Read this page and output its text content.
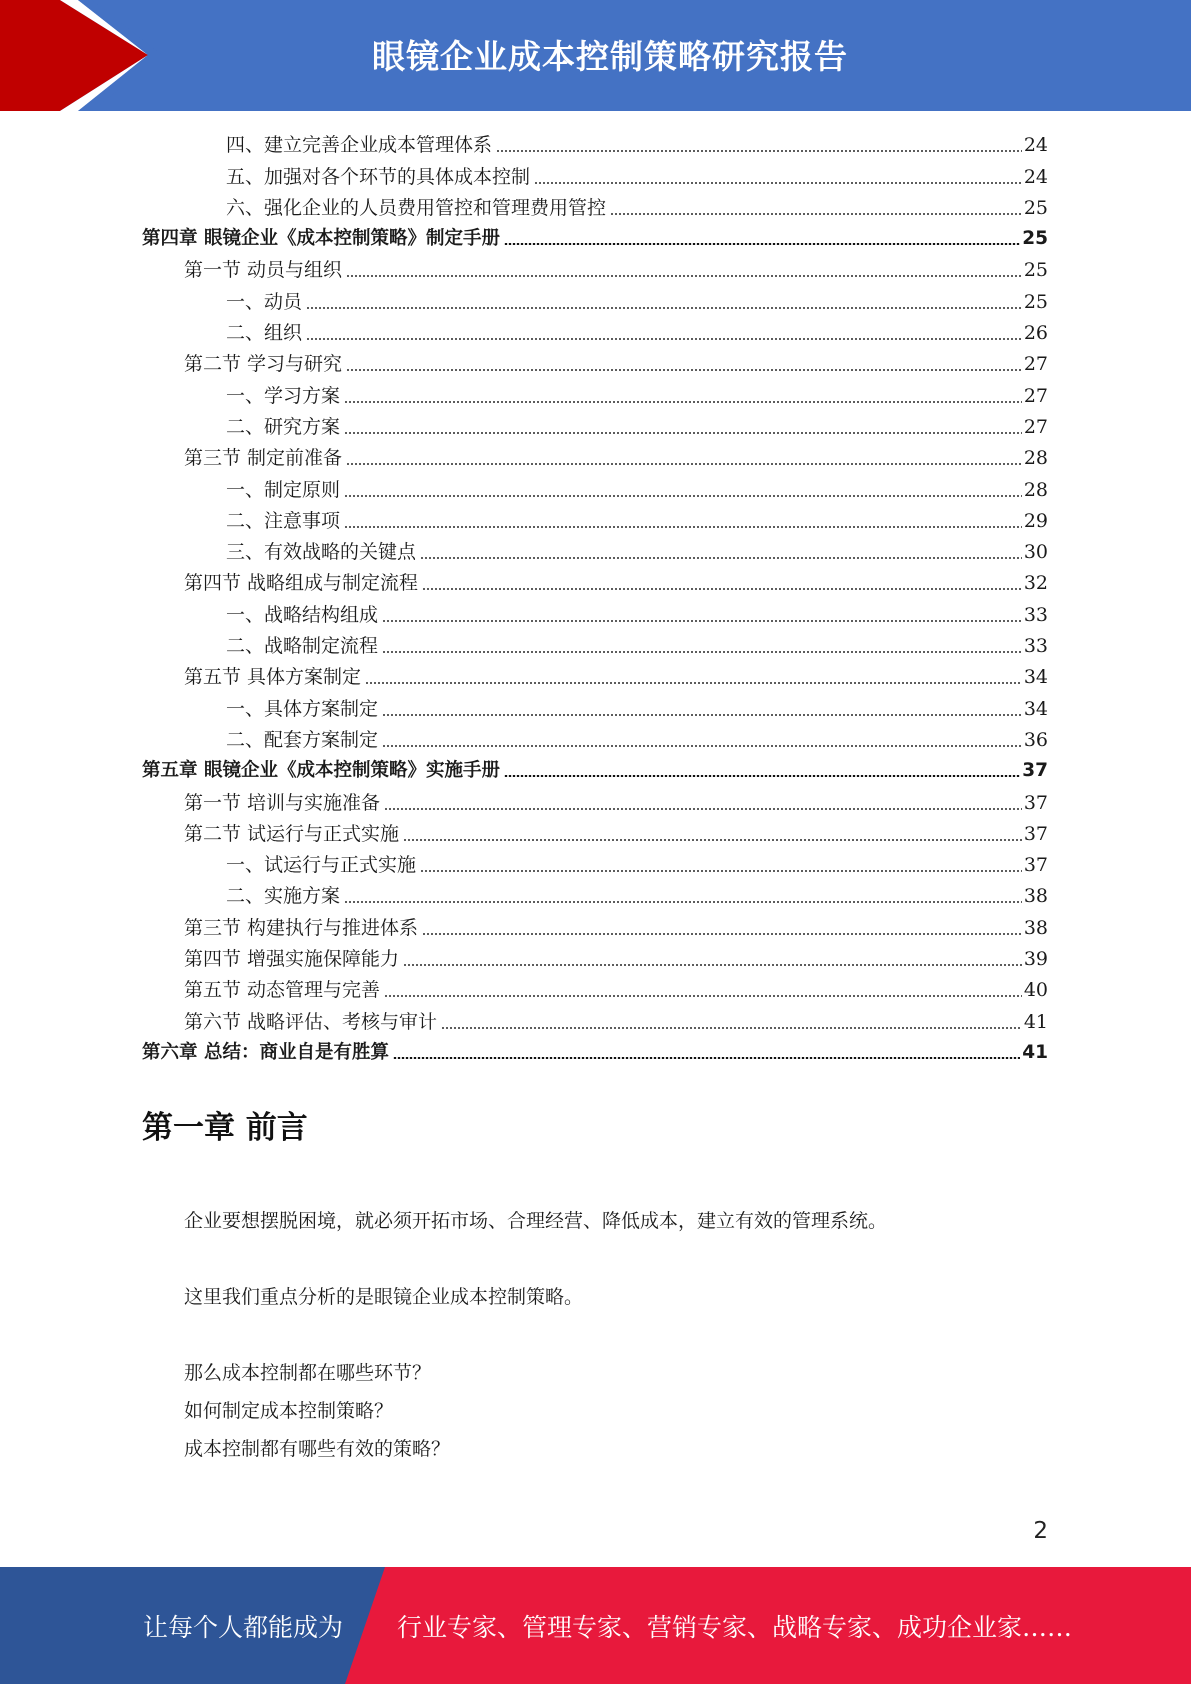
眼镜企业成本控制策略研究报告
四、建立完善企业成本管理体系	24
五、加强对各个环节的具体成本控制	24
六、强化企业的人员费用管控和管理费用管控	25
第四章 眼镜企业《成本控制策略》制定手册	25
第一节 动员与组织	25
一、动员	25
二、组织	26
第二节 学习与研究	27
一、学习方案	27
二、研究方案	27
第三节 制定前准备	28
一、制定原则	28
二、注意事项	29
三、有效战略的关键点	30
第四节 战略组成与制定流程	32
一、战略结构组成	33
二、战略制定流程	33
第五节 具体方案制定	34
一、具体方案制定	34
二、配套方案制定	36
第五章 眼镜企业《成本控制策略》实施手册	37
第一节 培训与实施准备	37
第二节 试运行与正式实施	37
一、试运行与正式实施	37
二、实施方案	38
第三节 构建执行与推进体系	38
第四节 增强实施保障能力	39
第五节 动态管理与完善	40
第六节 战略评估、考核与审计	41
第六章 总结：商业自是有胜算	41
第一章 前言
企业要想摆脱困境，就必须开拓市场、合理经营、降低成本，建立有效的管理系统。
这里我们重点分析的是眼镜企业成本控制策略。
那么成本控制都在哪些环节？
如何制定成本控制策略？
成本控制都有哪些有效的策略？
2
让每个人都能成为 行业专家、管理专家、营销专家、战略专家、成功企业家……
